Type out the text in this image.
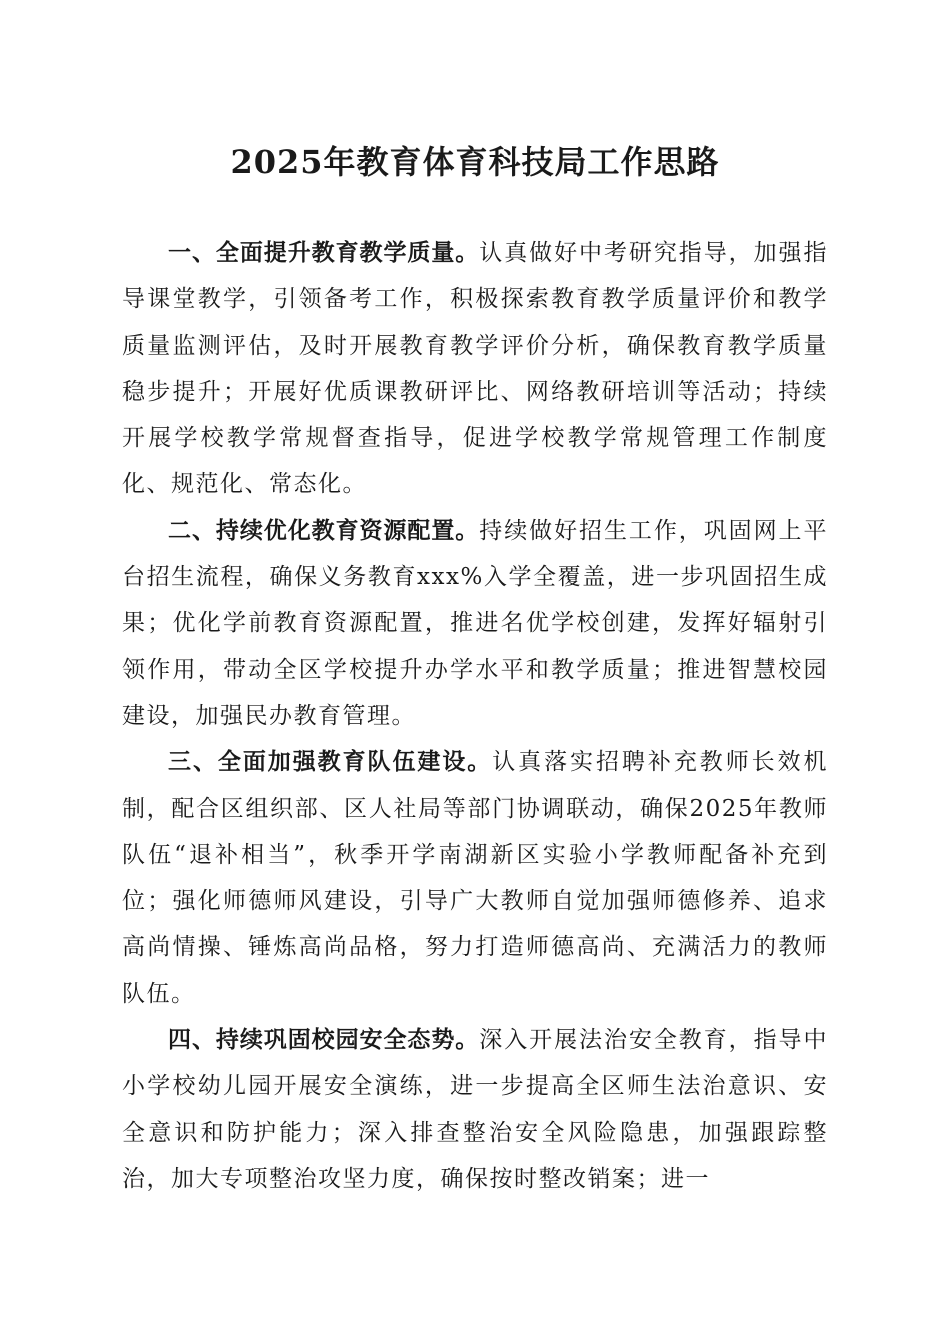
2025年教育体育科技局工作思路

一、全面提升教育教学质量。认真做好中考研究指导，加强指导课堂教学，引领备考工作，积极探索教育教学质量评价和教学质量监测评估，及时开展教育教学评价分析，确保教育教学质量稳步提升；开展好优质课教研评比、网络教研培训等活动；持续开展学校教学常规督查指导，促进学校教学常规管理工作制度化、规范化、常态化。

二、持续优化教育资源配置。持续做好招生工作，巩固网上平台招生流程，确保义务教育xxx%入学全覆盖，进一步巩固招生成果；优化学前教育资源配置，推进名优学校创建，发挥好辐射引领作用，带动全区学校提升办学水平和教学质量；推进智慧校园建设，加强民办教育管理。

三、全面加强教育队伍建设。认真落实招聘补充教师长效机制，配合区组织部、区人社局等部门协调联动，确保2025年教师队伍“退补相当”，秋季开学南湖新区实验小学教师配备补充到位；强化师德师风建设，引导广大教师自觉加强师德修养、追求高尚情操、锤炼高尚品格，努力打造师德高尚、充满活力的教师队伍。

四、持续巩固校园安全态势。深入开展法治安全教育，指导中小学校幼儿园开展安全演练，进一步提高全区师生法治意识、安全意识和防护能力；深入排查整治安全风险隐患，加强跟踪整治，加大专项整治攻坚力度，确保按时整改销案；进一
